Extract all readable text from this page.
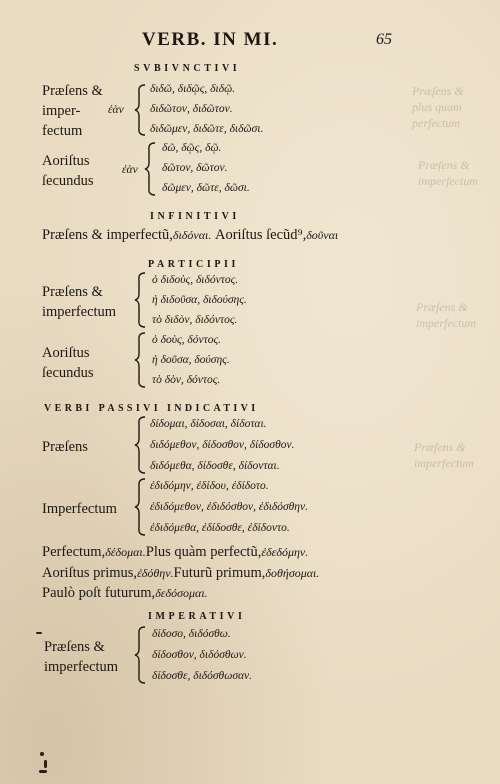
Præſens &
plus quam
perfectum
Præſens &
imperfectum
Præſens &
imperfectum
Præſens &
imperfectum
VERB. IN MI.	65
SVBIVNCTIVI
Præſens &
imper-
fectum
ἐὰν
διδῶ, διδῷς, διδῷ.
διδῶτον, διδῶτον.
διδῶμεν, διδῶτε, διδῶσι.
Aoriſtus
ſecundus
ἐὰν
δῶ, δῷς, δῷ.
δῶτον, δῶτον.
δῶμεν, δῶτε, δῶσι.
INFINITIVI
Præſens & imperfectũ,διδόναι. Aoriſtus ſecũd⁹,δοῦναι
PARTICIPII
Præſens &
imperfectum
ὁ διδοὺς, διδόντος.
ἡ διδοῦσα, διδούσης.
τὸ διδὸν, διδόντος.
Aoriſtus
ſecundus
ὁ δοὺς, δόντος.
ἡ δοῦσα, δούσης.
τὸ δὸν, δόντος.
VERBI PASSIVI INDICATIVI
Præſens
δίδομαι, δίδοσαι, δίδοται.
διδόμεθον, δίδοσθον, δίδοσθον.
διδόμεθα, δίδοσθε, δίδονται.
Imperfectum
ἐδιδόμην, ἐδίδου, ἐδίδοτο.
ἐδιδόμεθον, ἐδιδόσθον, ἐδιδόσθην.
ἐδιδόμεθα, ἐδίδοσθε, ἐδίδοντο.
Perfectum,δέδομαι.Plus quàm perfectũ,ἐδεδόμην.
Aoriſtus primus,ἐδόθην.Futurũ primum,δοθήσομαι.
Paulò poſt futurum,δεδόσομαι.
IMPERATIVI
Præſens &
imperfectum
δίδοσο, διδόσθω.
δίδοσθον, διδόσθων.
δίδοσθε, διδόσθωσαν.
